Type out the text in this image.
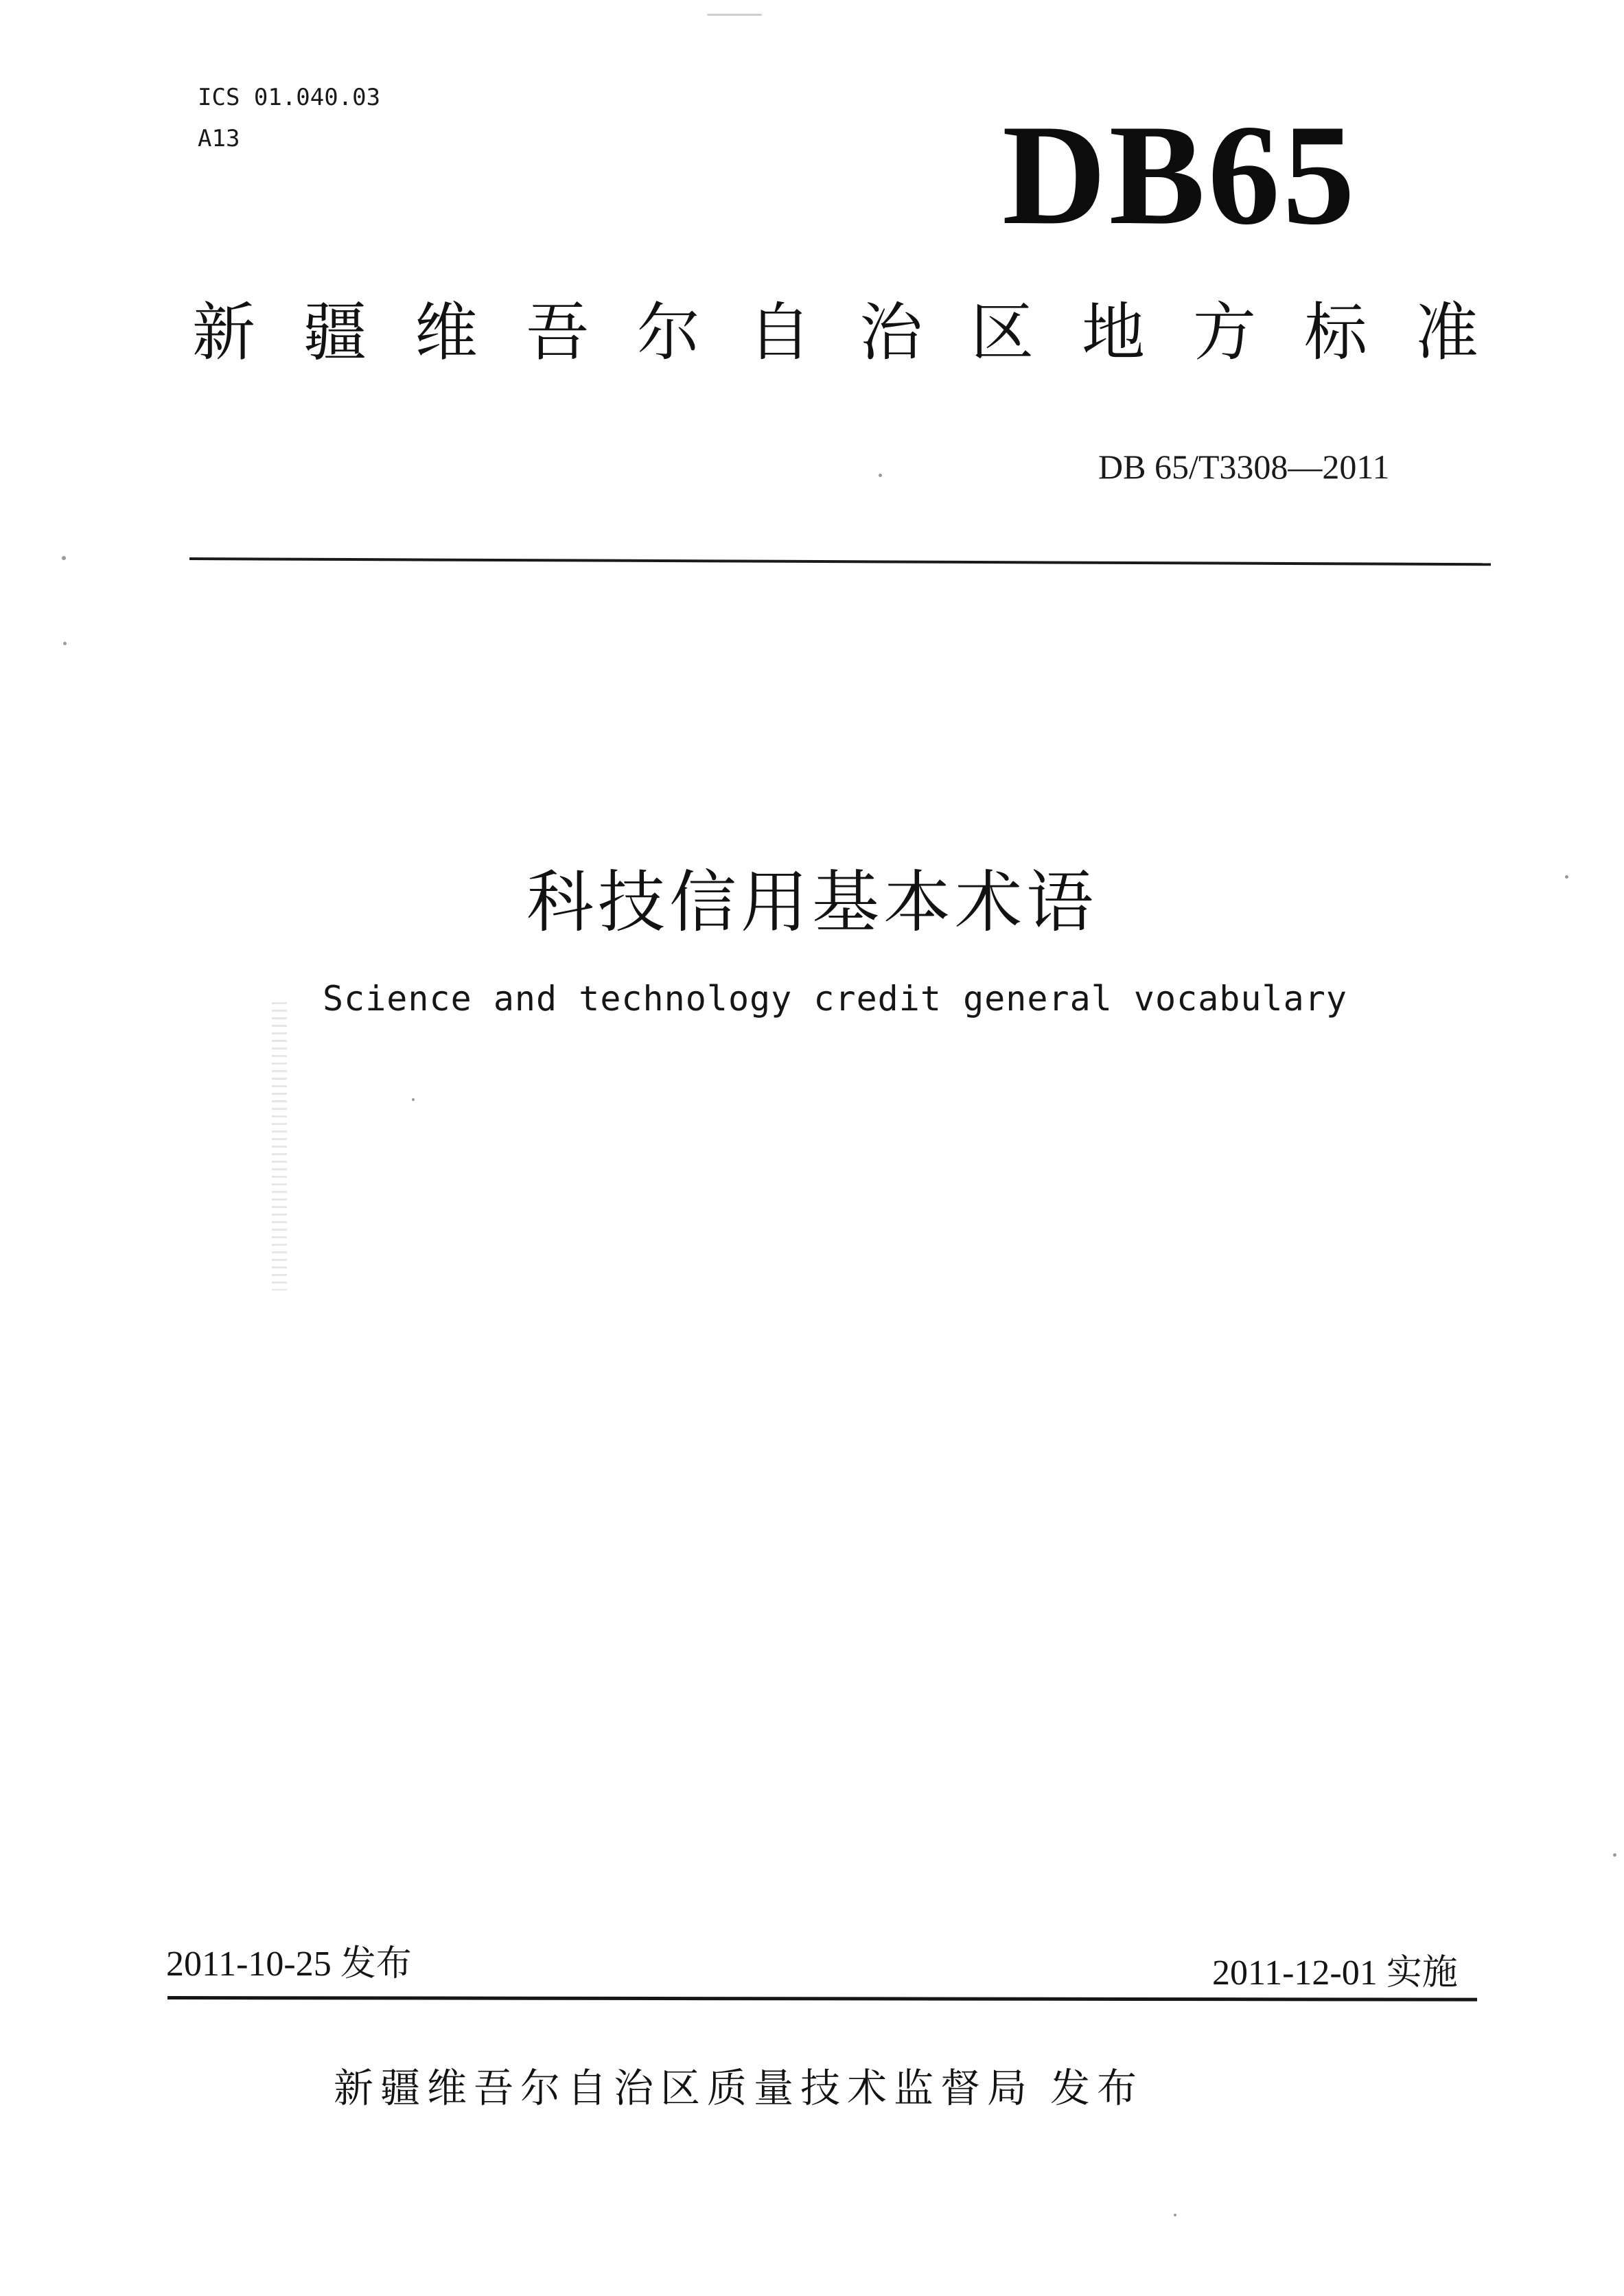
ICS 01.040.03
A13	DB65
新疆维吾尔自治区地方标准
DB 65/T3308—2011
科技信用基本术语
Science and technology credit general vocabulary
2011-10-25 发布	2011-12-01 实施
新疆维吾尔自治区质量技术监督局 发布
